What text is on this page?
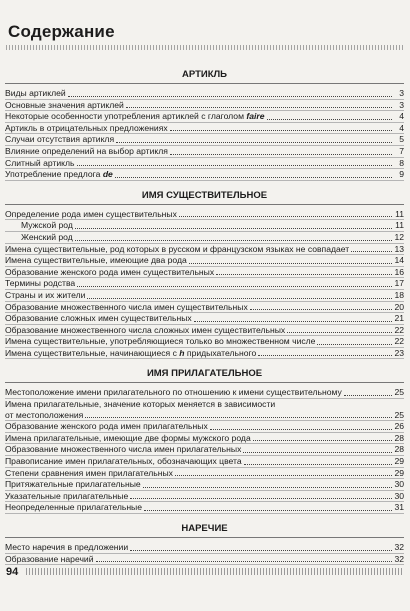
Содержание
АРТИКЛЬ
Виды артиклей	3
Основные значения артиклей	3
Некоторые особенности употребления артиклей с глаголом faire	4
Артикль в отрицательных предложениях	4
Случаи отсутствия артикля	5
Влияние определений на выбор артикля	7
Слитный артикль	8
Употребление предлога de	9
ИМЯ СУЩЕСТВИТЕЛЬНОЕ
Определение рода имен существительных	11
Мужской род	11
Женский род	12
Имена существительные, род которых в русском и французском языках не совпадает	13
Имена существительные, имеющие два рода	14
Образование женского рода имен существительных	16
Термины родства	17
Страны и их жители	18
Образование множественного числа имен существительных	20
Образование сложных имен существительных	21
Образование множественного числа сложных имен существительных	22
Имена существительные, употребляющиеся только во множественном числе	22
Имена существительные, начинающиеся с h придыхательного	23
ИМЯ ПРИЛАГАТЕЛЬНОЕ
Местоположение имени прилагательного по отношению к имени существительному	25
Имена прилагательные, значение которых меняется в зависимости
от местоположения	25
Образование женского рода имен прилагательных	26
Имена прилагательные, имеющие две формы мужского рода	28
Образование множественного числа имен прилагательных	28
Правописание имен прилагательных, обозначающих цвета	29
Степени сравнения имен прилагательных	29
Притяжательные прилагательные	30
Указательные прилагательные	30
Неопределенные прилагательные	31
НАРЕЧИЕ
Место наречия в предложении	32
Образование наречий	32
94
